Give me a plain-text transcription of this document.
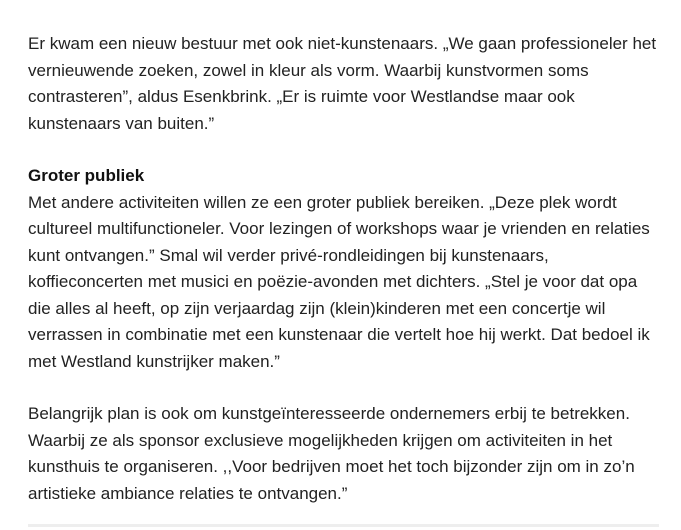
Er kwam een nieuw bestuur met ook niet-kunstenaars. „We gaan professioneler het vernieuwende zoeken, zowel in kleur als vorm. Waarbij kunstvormen soms contrasteren”, aldus Esenkbrink. „Er is ruimte voor Westlandse maar ook kunstenaars van buiten.”

Groter publiek

Met andere activiteiten willen ze een groter publiek bereiken. „Deze plek wordt cultureel multifunctioneler. Voor lezingen of workshops waar je vrienden en relaties kunt ontvangen.” Smal wil verder privé-rondleidingen bij kunstenaars, koffieconcerten met musici en poëzie-avonden met dichters. „Stel je voor dat opa die alles al heeft, op zijn verjaardag zijn (klein)kinderen met een concertje wil verrassen in combinatie met een kunstenaar die vertelt hoe hij werkt. Dat bedoel ik met Westland kunstrijker maken.”

Belangrijk plan is ook om kunstgeïnteresseerde ondernemers erbij te betrekken. Waarbij ze als sponsor exclusieve mogelijkheden krijgen om activiteiten in het kunsthuis te organiseren. ,,Voor bedrijven moet het toch bijzonder zijn om in zo’n artistieke ambiance relaties te ontvangen.”
